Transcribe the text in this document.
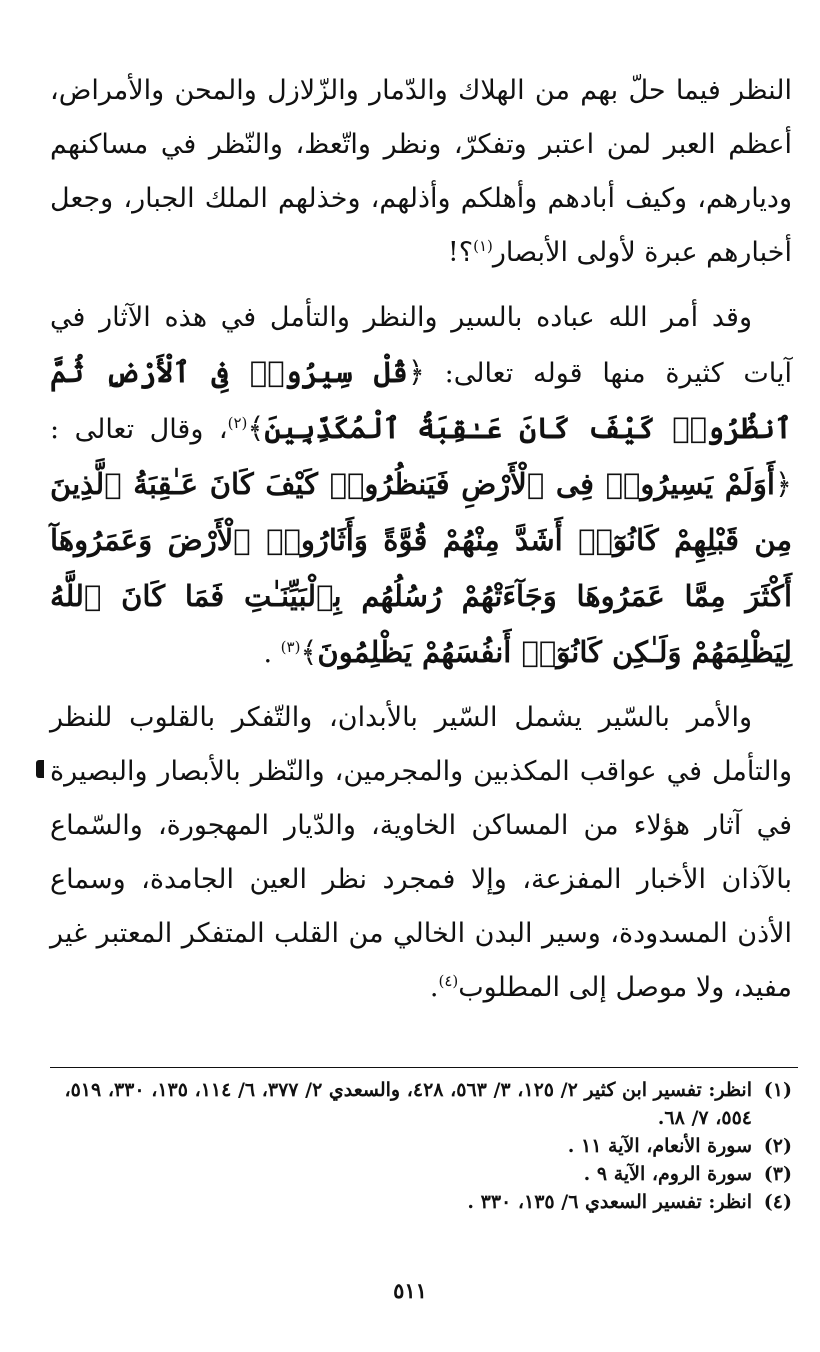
النظر فيما حلّ بهم من الهلاك والدّمار والزّلازل والمحن والأمراض، أعظم العبر لمن اعتبر وتفكرّ، ونظر واتّعظ، والنّظر في مساكنهم وديارهم، وكيف أبادهم وأهلكم وأذلهم، وخذلهم الملك الجبار، وجعل أخبارهم عبرة لأولى الأبصار$^{(١)}$؟!

وقد أمر الله عباده بالسير والنظر والتأمل في هذه الآثار في آيات كثيرة منها قوله تعالى: ﴿قُلْ سِيرُوا۟ فِى ٱلْأَرْضِ ثُمَّ ٱنظُرُوا۟ كَيْفَ كَانَ عَـٰقِبَةُ ٱلْمُكَذِّبِينَ﴾$^{(٢)}$، وقال تعالى : ﴿أَوَلَمْ يَسِيرُوا۟ فِى ٱلْأَرْضِ فَيَنظُرُوا۟ كَيْفَ كَانَ عَـٰقِبَةُ ٱلَّذِينَ مِن قَبْلِهِمْ كَانُوٓا۟ أَشَدَّ مِنْهُمْ قُوَّةً وَأَثَارُوا۟ ٱلْأَرْضَ وَعَمَرُوهَآ أَكْثَرَ مِمَّا عَمَرُوهَا وَجَآءَتْهُمْ رُسُلُهُم بِٱلْبَيِّنَـٰتِ فَمَا كَانَ ٱللَّهُ لِيَظْلِمَهُمْ وَلَـٰكِن كَانُوٓا۟ أَنفُسَهُمْ يَظْلِمُونَ﴾$^{(٣)}$ .

والأمر بالسّير يشمل السّير بالأبدان، والتّفكر بالقلوب للنظر والتأمل في عواقب المكذبين والمجرمين، والنّظر بالأبصار والبصيرة في آثار هؤلاء من المساكن الخاوية، والدّيار المهجورة، والسّماع بالآذان الأخبار المفزعة، وإلا فمجرد نظر العين الجامدة، وسماع الأذن المسدودة، وسير البدن الخالي من القلب المتفكر المعتبر غير مفيد، ولا موصل إلى المطلوب$^{(٤)}$.

(١)
انظر: تفسير ابن كثير ٢/ ١٢٥، ٣/ ٥٦٣، ٤٢٨، والسعدي ٢/ ٣٧٧، ٦/ ١١٤، ١٣٥، ٣٣٠، ٥١٩، ٥٥٤، ٧/ ٦٨.
(٢)
سورة الأنعام، الآية ١١ .
(٣)
سورة الروم، الآية ٩ .
(٤)
انظر: تفسير السعدي ٦/ ١٣٥، ٣٣٠ .
٥١١
